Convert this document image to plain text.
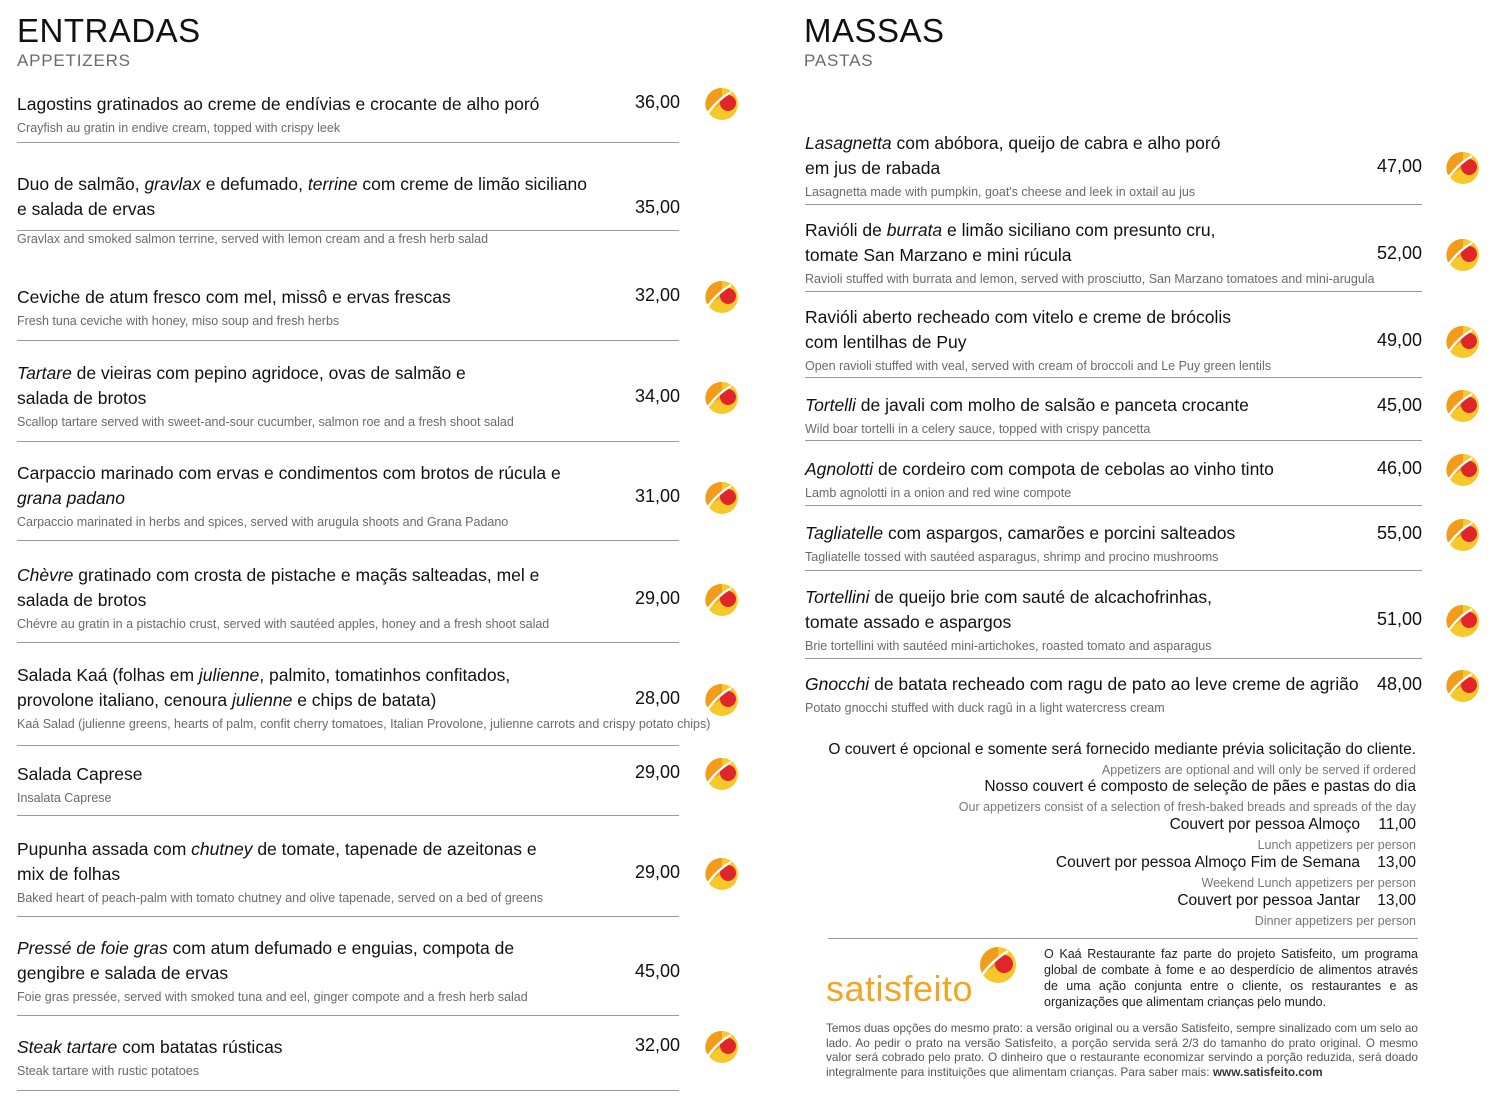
ENTRADAS
APPETIZERS
Lagostins gratinados ao creme de endívias e crocante de alho poró
Crayfish au gratin in endive cream, topped with crispy leek
36,00
Duo de salmão, gravlax e defumado, terrine com creme de limão siciliano
e salada de ervas
Gravlax and smoked salmon terrine, served with lemon cream and a fresh herb salad
35,00
Ceviche de atum fresco com mel, missô e ervas frescas
Fresh tuna ceviche with honey, miso soup and fresh herbs
32,00
Tartare de vieiras com pepino agridoce, ovas de salmão e
salada de brotos
Scallop tartare served with sweet-and-sour cucumber, salmon roe and a fresh shoot salad
34,00
Carpaccio marinado com ervas e condimentos com brotos de rúcula e
grana padano
Carpaccio marinated in herbs and spices, served with arugula shoots and Grana Padano
31,00
Chèvre gratinado com crosta de pistache e maçãs salteadas, mel e
salada de brotos
Chévre au gratin in a pistachio crust, served with sautéed apples, honey and a fresh shoot salad
29,00
Salada Kaá (folhas em julienne, palmito, tomatinhos confitados,
provolone italiano, cenoura julienne e chips de batata)
Kaá Salad (julienne greens, hearts of palm, confit cherry tomatoes, Italian Provolone, julienne carrots and crispy potato chips)
28,00
Salada Caprese
Insalata Caprese
29,00
Pupunha assada com chutney de tomate, tapenade de azeitonas e
mix de folhas
Baked heart of peach-palm with tomato chutney and olive tapenade, served on a bed of greens
29,00
Pressé de foie gras com atum defumado e enguias, compota de
gengibre e salada de ervas
Foie gras pressée, served with smoked tuna and eel, ginger compote and a fresh herb salad
45,00
Steak tartare com batatas rústicas
Steak tartare with rustic potatoes
32,00
MASSAS
PASTAS
Lasagnetta com abóbora, queijo de cabra e alho poró
em jus de rabada
Lasagnetta made with pumpkin, goat's cheese and leek in oxtail au jus
47,00
Ravióli de burrata e limão siciliano com presunto cru,
tomate San Marzano e mini rúcula
Ravioli stuffed with burrata and lemon, served with prosciutto, San Marzano tomatoes and mini-arugula
52,00
Ravióli aberto recheado com vitelo e creme de brócolis
com lentilhas de Puy
Open ravioli stuffed with veal, served with cream of broccoli and Le Puy green lentils
49,00
Tortelli de javali com molho de salsão e panceta crocante
Wild boar tortelli in a celery sauce, topped with crispy pancetta
45,00
Agnolotti de cordeiro com compota de cebolas ao vinho tinto
Lamb agnolotti in a onion and red wine compote
46,00
Tagliatelle com aspargos, camarões e porcini salteados
Tagliatelle tossed with sautéed asparagus, shrimp and procino mushrooms
55,00
Tortellini de queijo brie com sauté de alcachofrinhas,
tomate assado e aspargos
Brie tortellini with sautéed mini-artichokes, roasted tomato and asparagus
51,00
Gnocchi de batata recheado com ragu de pato ao leve creme de agrião
Potato gnocchi stuffed with duck ragû in a light watercress cream
48,00
O couvert é opcional e somente será fornecido mediante prévia solicitação do cliente.
Appetizers are optional and will only be served if ordered
Nosso couvert é composto de seleção de pães e pastas do dia
Our appetizers consist of a selection of fresh-baked breads and spreads of the day
Couvert por pessoa Almoço 11,00
Lunch appetizers per person
Couvert por pessoa Almoço Fim de Semana 13,00
Weekend Lunch appetizers per person
Couvert por pessoa Jantar 13,00
Dinner appetizers per person
satisfeito
O Kaá Restaurante faz parte do projeto Satisfeito, um programa global de combate à fome e ao desperdício de alimentos através de uma ação conjunta entre o cliente, os restaurantes e as organizações que alimentam crianças pelo mundo.
Temos duas opções do mesmo prato: a versão original ou a versão Satisfeito, sempre sinalizado com um selo ao lado. Ao pedir o prato na versão Satisfeito, a porção servida será 2/3 do tamanho do prato original. O mesmo valor será cobrado pelo prato. O dinheiro que o restaurante economizar servindo a porção reduzida, será doado integralmente para instituições que alimentam crianças. Para saber mais: www.satisfeito.com
